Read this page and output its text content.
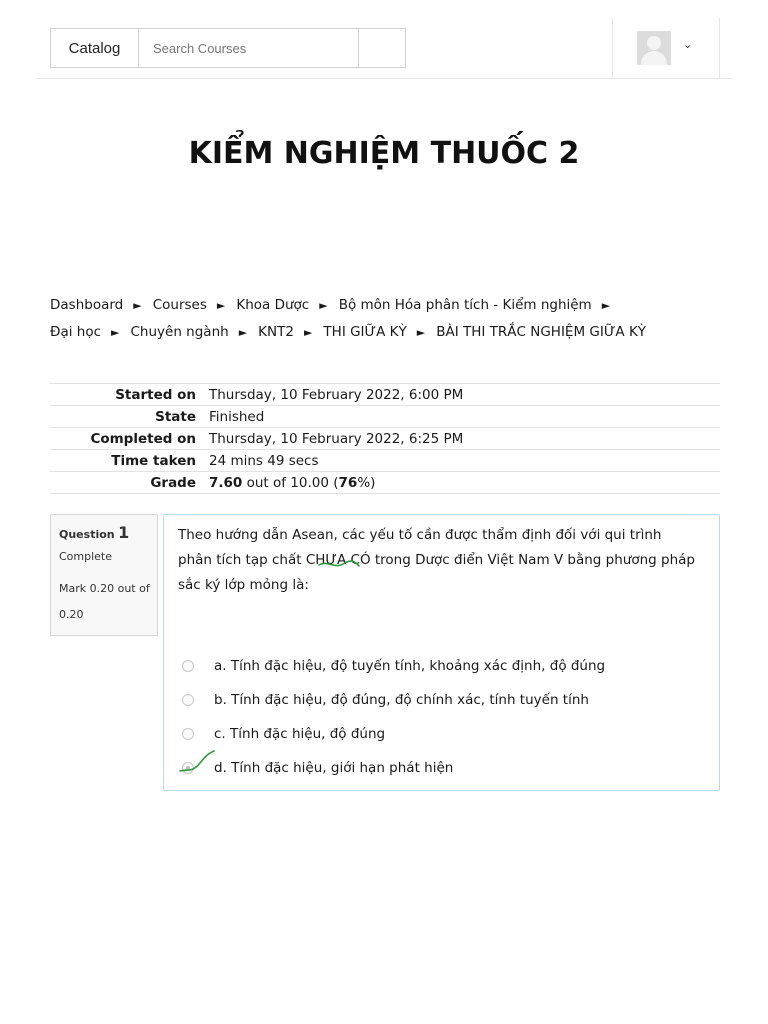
Catalog
Search Courses	⌄
KIỂM NGHIỆM THUỐC 2
Dashboard ► Courses ► Khoa Dược ► Bộ môn Hóa phân tích - Kiểm nghiệm ►
Đại học ► Chuyên ngành ► KNT2 ► THI GIỮA KỲ ► BÀI THI TRẮC NGHIỆM GIỮA KỲ
Started on	Thursday, 10 February 2022, 6:00 PM
State	Finished
Completed on	Thursday, 10 February 2022, 6:25 PM
Time taken	24 mins 49 secs
Grade	7.60 out of 10.00 (76%)
Question 1
Complete
Mark 0.20 out of
0.20
Theo hướng dẫn Asean, các yếu tố cần được thẩm định đối với qui trình phân tích tạp chất CHƯA CÓ trong Dược điển Việt Nam V bằng phương pháp sắc ký lớp mỏng là:
a.
Tính đặc hiệu, độ tuyến tính, khoảng xác định, độ đúng
b.
Tính đặc hiệu, độ đúng, độ chính xác, tính tuyến tính
c.
Tính đặc hiệu, độ đúng
d.
Tính đặc hiệu, giới hạn phát hiện
